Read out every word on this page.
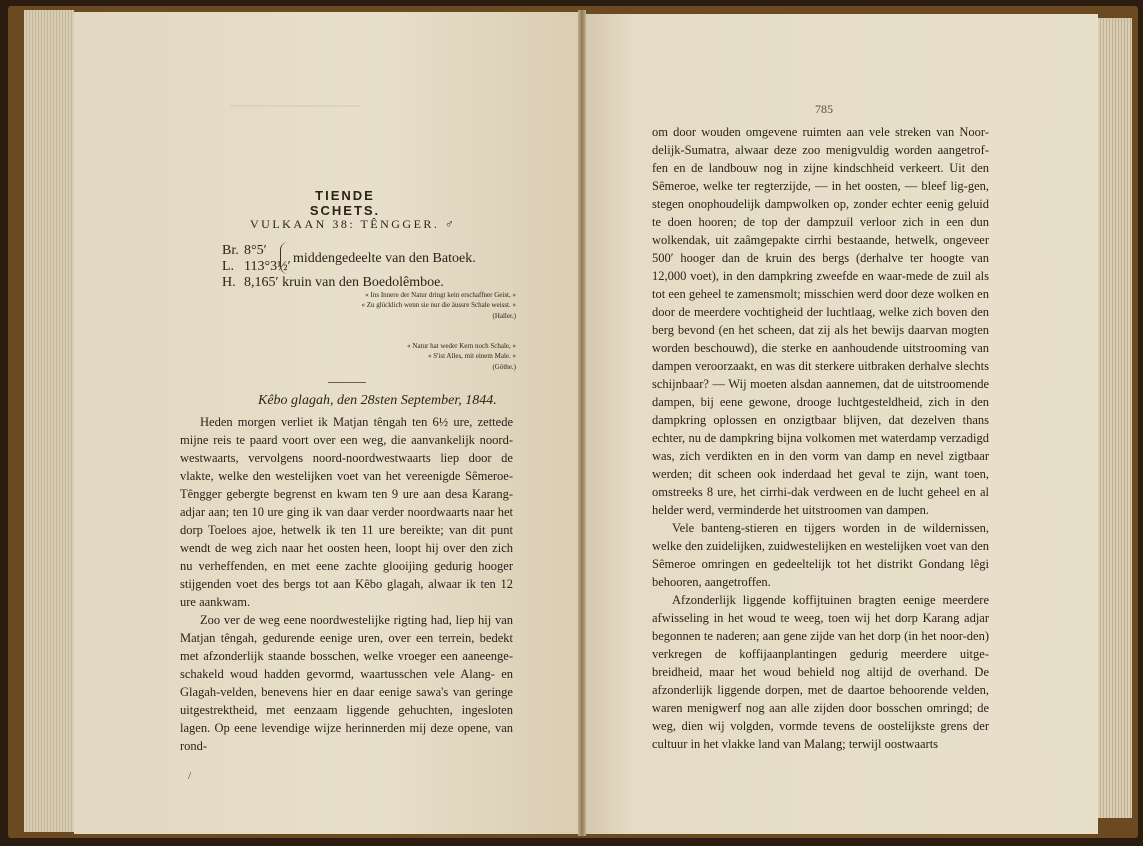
TIENDE SCHETS.

VULKAAN 38: TÊNGGER. ♂

Br. 8°5′
L. 113°3½′
H. 8,165′ kruin van den Boedolêmboe.
middengedeelte van den Batoek.
« Ins Innere der Natur dringt kein erschaffner Geist, »
« Zu glücklich wenn sie nur die äussre Schale weisst. »
(Haller.)
« Natur hat weder Kern noch Schale, »
« S'ist Alles, mit einem Male. »
(Göthe.)
Kêbo glagah, den 28sten September, 1844.

Heden morgen verliet ik Matjan têngah ten 6½ ure, zettede mijne reis te paard voort over een weg, die aanvankelijk noord-westwaarts, vervolgens noord-noordwestwaarts liep door de vlakte, welke den westelijken voet van het vereenigde Sêmeroe-Têngger gebergte begrenst en kwam ten 9 ure aan desa Karang-adjar aan; ten 10 ure ging ik van daar verder noordwaarts naar het dorp Toeloes ajoe, hetwelk ik ten 11 ure bereikte; van dit punt wendt de weg zich naar het oosten heen, loopt hij over den zich nu verheffenden, en met eene zachte glooijing gedurig hooger stijgenden voet des bergs tot aan Kêbo glagah, alwaar ik ten 12 ure aankwam.

Zoo ver de weg eene noordwestelijke rigting had, liep hij van Matjan têngah, gedurende eenige uren, over een terrein, bedekt met afzonderlijk staande bosschen, welke vroeger een aaneenge-schakeld woud hadden gevormd, waartusschen vele Alang- en Glagah-velden, benevens hier en daar eenige sawa's van geringe uitgestrektheid, met eenzaam liggende gehuchten, ingesloten lagen. Op eene levendige wijze herinnerden mij deze opene, van rond-

/
785

om door wouden omgevene ruimten aan vele streken van Noor-delijk-Sumatra, alwaar deze zoo menigvuldig worden aangetrof-fen en de landbouw nog in zijne kindschheid verkeert. Uit den Sêmeroe, welke ter regterzijde, — in het oosten, — bleef lig-gen, stegen onophoudelijk dampwolken op, zonder echter eenig geluid te doen hooren; de top der dampzuil verloor zich in een dun wolkendak, uit zaâmgepakte cirrhi bestaande, hetwelk, ongeveer 500′ hooger dan de kruin des bergs (derhalve ter hoogte van 12,000 voet), in den dampkring zweefde en waar-mede de zuil als tot een geheel te zamensmolt; misschien werd door deze wolken en door de meerdere vochtigheid der luchtlaag, welke zich boven den berg bevond (en het scheen, dat zij als het bewijs daarvan mogten worden beschouwd), die sterke en aanhoudende uitstrooming van dampen veroorzaakt, en was dit sterkere uitbraken derhalve slechts schijnbaar? — Wij moeten alsdan aannemen, dat de uitstroomende dampen, bij eene gewone, drooge luchtgesteldheid, zich in den dampkring oplossen en onzigtbaar blijven, dat dezelven thans echter, nu de dampkring bijna volkomen met waterdamp verzadigd was, zich verdikten en in den vorm van damp en nevel zigtbaar werden; dit scheen ook inderdaad het geval te zijn, want toen, omstreeks 8 ure, het cirrhi-dak verdween en de lucht geheel en al helder werd, verminderde het uitstroomen van dampen.

Vele banteng-stieren en tijgers worden in de wildernissen, welke den zuidelijken, zuidwestelijken en westelijken voet van den Sêmeroe omringen en gedeeltelijk tot het distrikt Gondang lêgi behooren, aangetroffen.

Afzonderlijk liggende koffijtuinen bragten eenige meerdere afwisseling in het woud te weeg, toen wij het dorp Karang adjar begonnen te naderen; aan gene zijde van het dorp (in het noor-den) verkregen de koffijaanplantingen gedurig meerdere uitge-breidheid, maar het woud behield nog altijd de overhand. De afzonderlijk liggende dorpen, met de daartoe behoorende velden, waren menigwerf nog aan alle zijden door bosschen omringd; de weg, dien wij volgden, vormde tevens de oostelijkste grens der cultuur in het vlakke land van Malang; terwijl oostwaarts
